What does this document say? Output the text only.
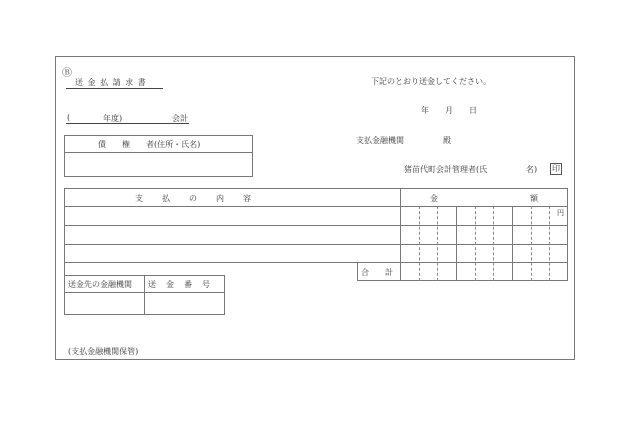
Ⓑ
送 金 払 請 求 書	下記のとおり送金してください。
年　　月　　日
(	年度)	会計
債　　権　　者(住所・氏名)	支払金融機関	殿
猪苗代町会計管理者(氏	名) 印
支　　払　　の　　内　　容	金	額
円
合　　計
送金先の金融機関 送　金　番　号
(支払金融機関保管)
